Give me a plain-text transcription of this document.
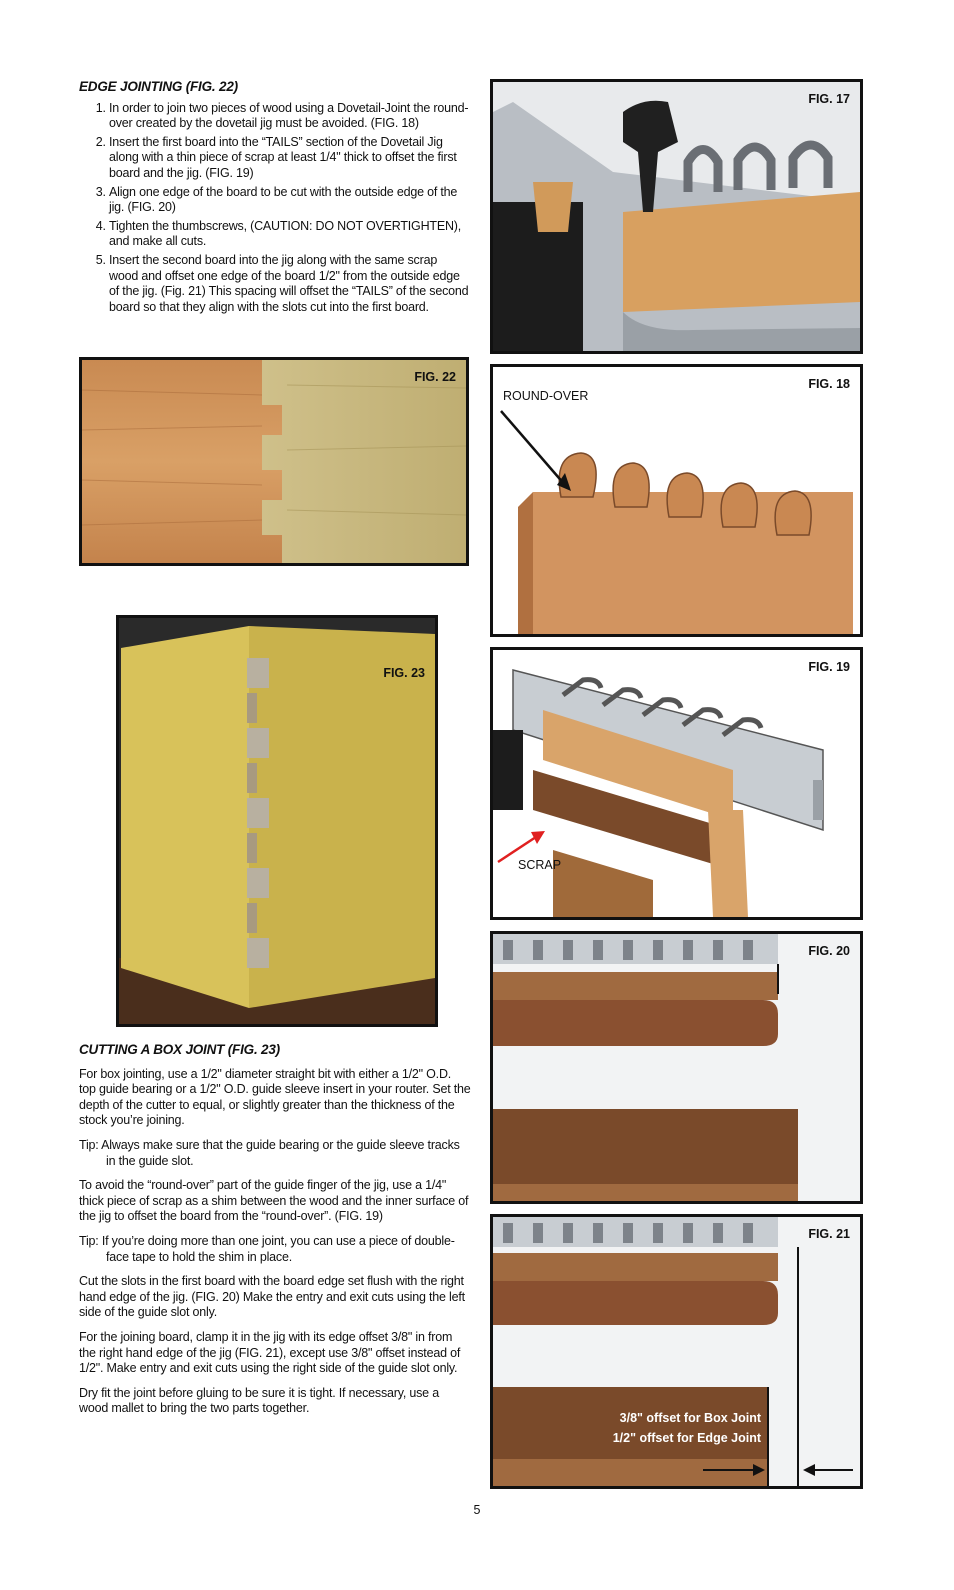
EDGE JOINTING (FIG. 22)
1. In order to join two pieces of wood using a Dovetail-Joint the round-over created by the dovetail jig must be avoided. (FIG. 18)
2. Insert the first board into the “TAILS” section of the Dovetail Jig along with a thin piece of scrap at least 1/4" thick to offset the first board and the jig. (FIG. 19)
3. Align one edge of the board to be cut with the outside edge of the jig. (FIG. 20)
4. Tighten the thumbscrews, (CAUTION: DO NOT OVERTIGHTEN), and make all cuts.
5. Insert the second board into the jig along with the same scrap wood and offset one edge of the board 1/2" from the outside edge of the jig. (Fig. 21) This spacing will offset the “TAILS” of the second board so that they align with the slots cut into the first board.
FIG. 22
FIG. 23
CUTTING A BOX JOINT (FIG. 23)

For box jointing, use a 1/2" diameter straight bit with either a 1/2" O.D. top guide bearing or a 1/2" O.D. guide sleeve insert in your router. Set the depth of the cutter to equal, or slightly greater than the thickness of the stock you’re joining.

Tip: Always make sure that the guide bearing or the guide sleeve tracks in the guide slot.

To avoid the “round-over” part of the guide finger of the jig, use a 1/4" thick piece of scrap as a shim between the wood and the inner surface of the jig to offset the board from the “round-over”. (FIG. 19)

Tip: If you’re doing more than one joint, you can use a piece of double-face tape to hold the shim in place.

Cut the slots in the first board with the board edge set flush with the right hand edge of the jig. (FIG. 20) Make the entry and exit cuts using the left side of the guide slot only.

For the joining board, clamp it in the jig with its edge offset 3/8" in from the right hand edge of the jig (FIG. 21), except use 3/8" offset instead of 1/2". Make entry and exit cuts using the right side of the guide slot only.

Dry fit the joint before gluing to be sure it is tight. If necessary, use a wood mallet to bring the two parts together.

FIG. 17
FIG. 18
ROUND-OVER
FIG. 19
SCRAP
FIG. 20
FIG. 21
3/8" offset for Box Joint
1/2" offset for Edge Joint
5
